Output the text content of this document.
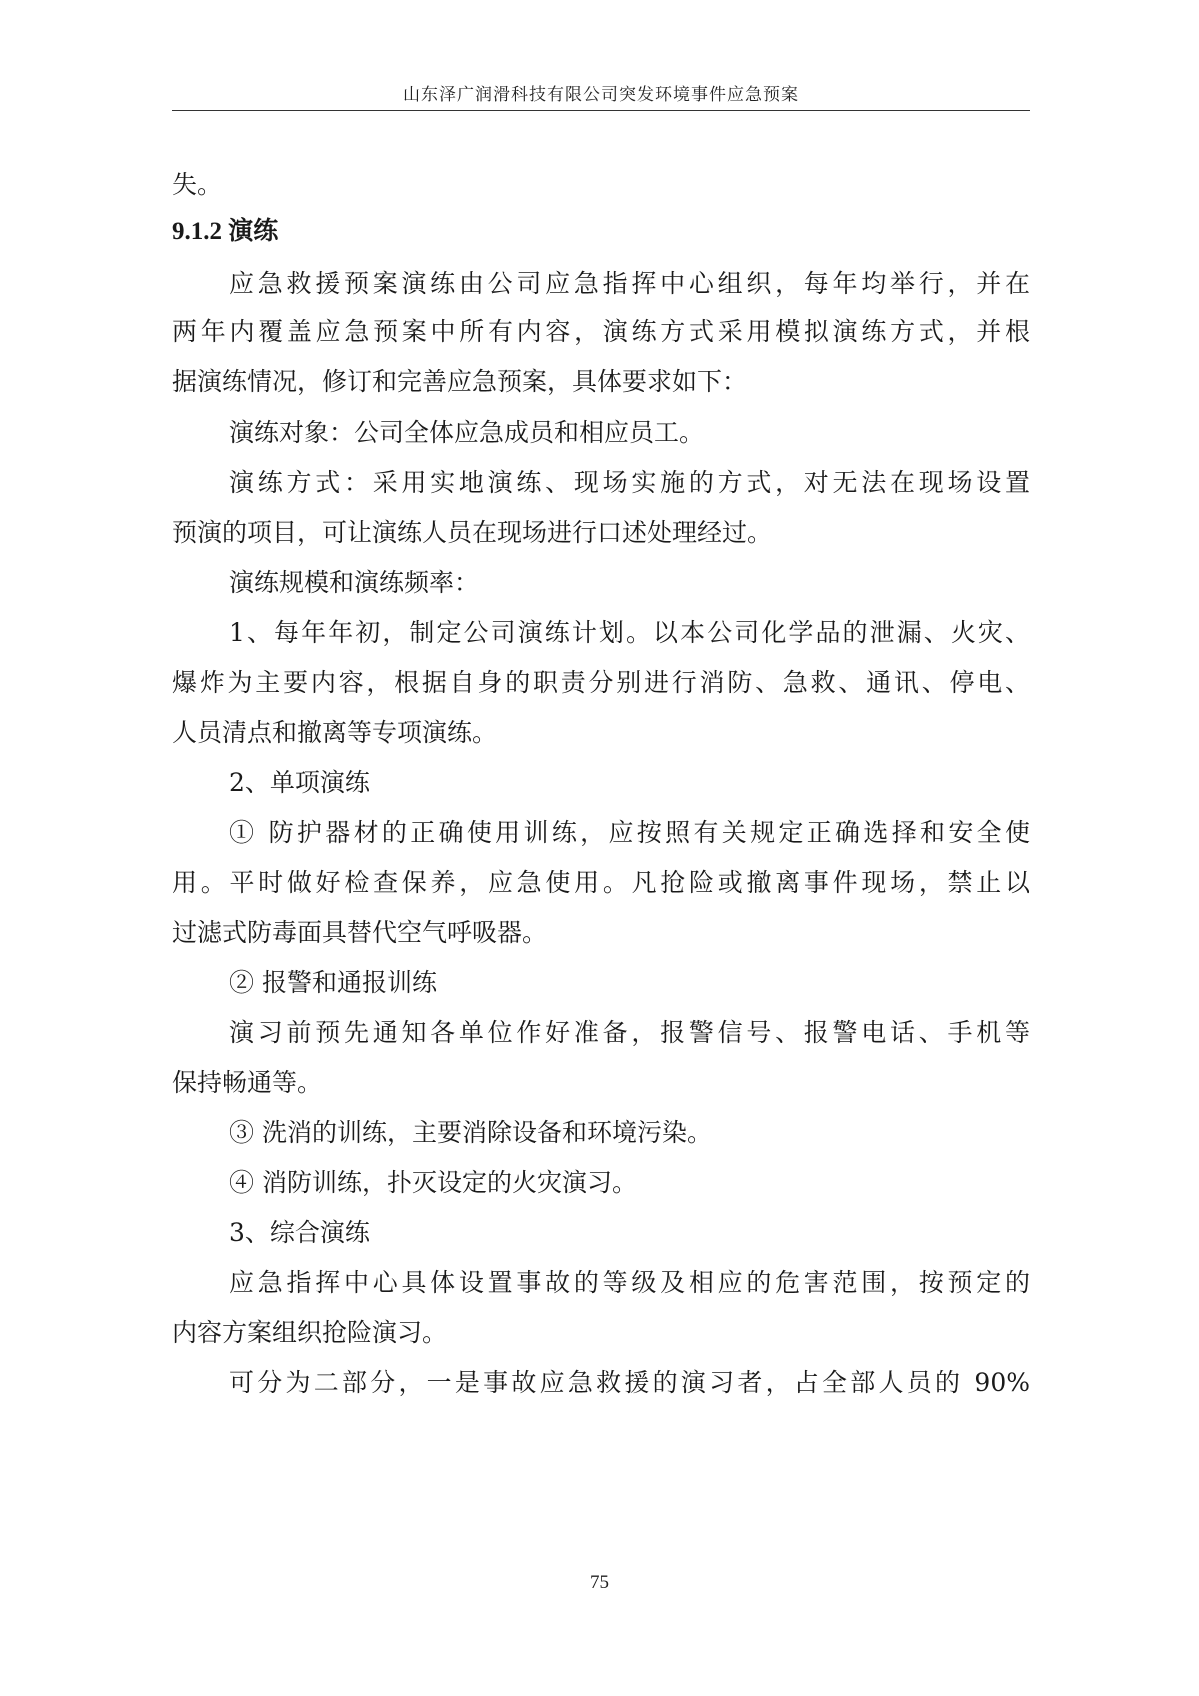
山东泽广润滑科技有限公司突发环境事件应急预案
失。
9.1.2 演练
应急救援预案演练由公司应急指挥中心组织，每年均举行，并在
两年内覆盖应急预案中所有内容，演练方式采用模拟演练方式，并根
据演练情况，修订和完善应急预案，具体要求如下：
演练对象：公司全体应急成员和相应员工。
演练方式：采用实地演练、现场实施的方式，对无法在现场设置
预演的项目，可让演练人员在现场进行口述处理经过。
演练规模和演练频率：
1、每年年初，制定公司演练计划。以本公司化学品的泄漏、火灾、
爆炸为主要内容，根据自身的职责分别进行消防、急救、通讯、停电、
人员清点和撤离等专项演练。
2、单项演练
① 防护器材的正确使用训练，应按照有关规定正确选择和安全使
用。平时做好检查保养，应急使用。凡抢险或撤离事件现场，禁止以
过滤式防毒面具替代空气呼吸器。
② 报警和通报训练
演习前预先通知各单位作好准备，报警信号、报警电话、手机等
保持畅通等。
③ 洗消的训练，主要消除设备和环境污染。
④ 消防训练，扑灭设定的火灾演习。
3、综合演练
应急指挥中心具体设置事故的等级及相应的危害范围，按预定的
内容方案组织抢险演习。
可分为二部分，一是事故应急救援的演习者，占全部人员的 90%
75
